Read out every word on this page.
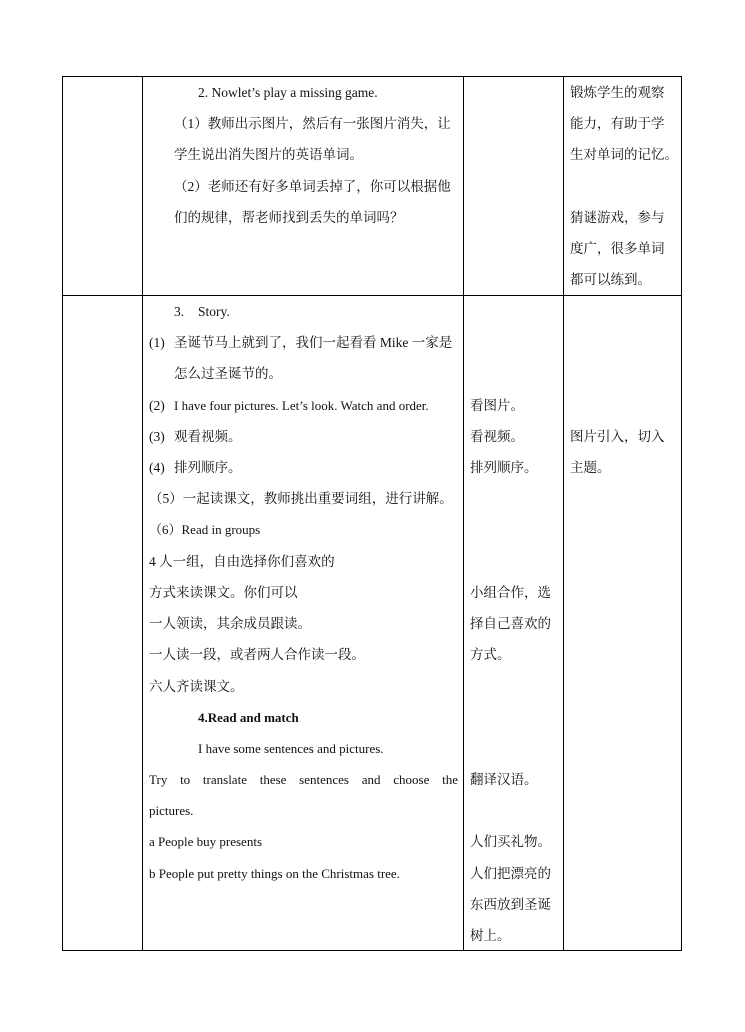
2. Nowlet’s play a missing game.
（1）教师出示图片，然后有一张图片消失，让
学生说出消失图片的英语单词。
（2）老师还有好多单词丢掉了，你可以根据他
们的规律，帮老师找到丢失的单词吗？
锻炼学生的观察
能力，有助于学
生对单词的记忆。
猜谜游戏，参与
度广，很多单词
都可以练到。
3. Story.
(1) 圣诞节马上就到了，我们一起看看 Mike 一家是
怎么过圣诞节的。
(2) I have four pictures. Let’s look. Watch and order.
(3) 观看视频。
(4) 排列顺序。
（5）一起读课文，教师挑出重要词组，进行讲解。
（6）Read in groups
4 人一组，自由选择你们喜欢的
方式来读课文。你们可以
一人领读，其余成员跟读。
一人读一段，或者两人合作读一段。
六人齐读课文。
4.Read and match
I have some sentences and pictures.
Try to translate these sentences and choose the
pictures.
a People buy presents
b People put pretty things on the Christmas tree.
看图片。
看视频。
排列顺序。
小组合作，选
择自己喜欢的
方式。
翻译汉语。
人们买礼物。
人们把漂亮的
东西放到圣诞
树上。
图片引入，切入
主题。
